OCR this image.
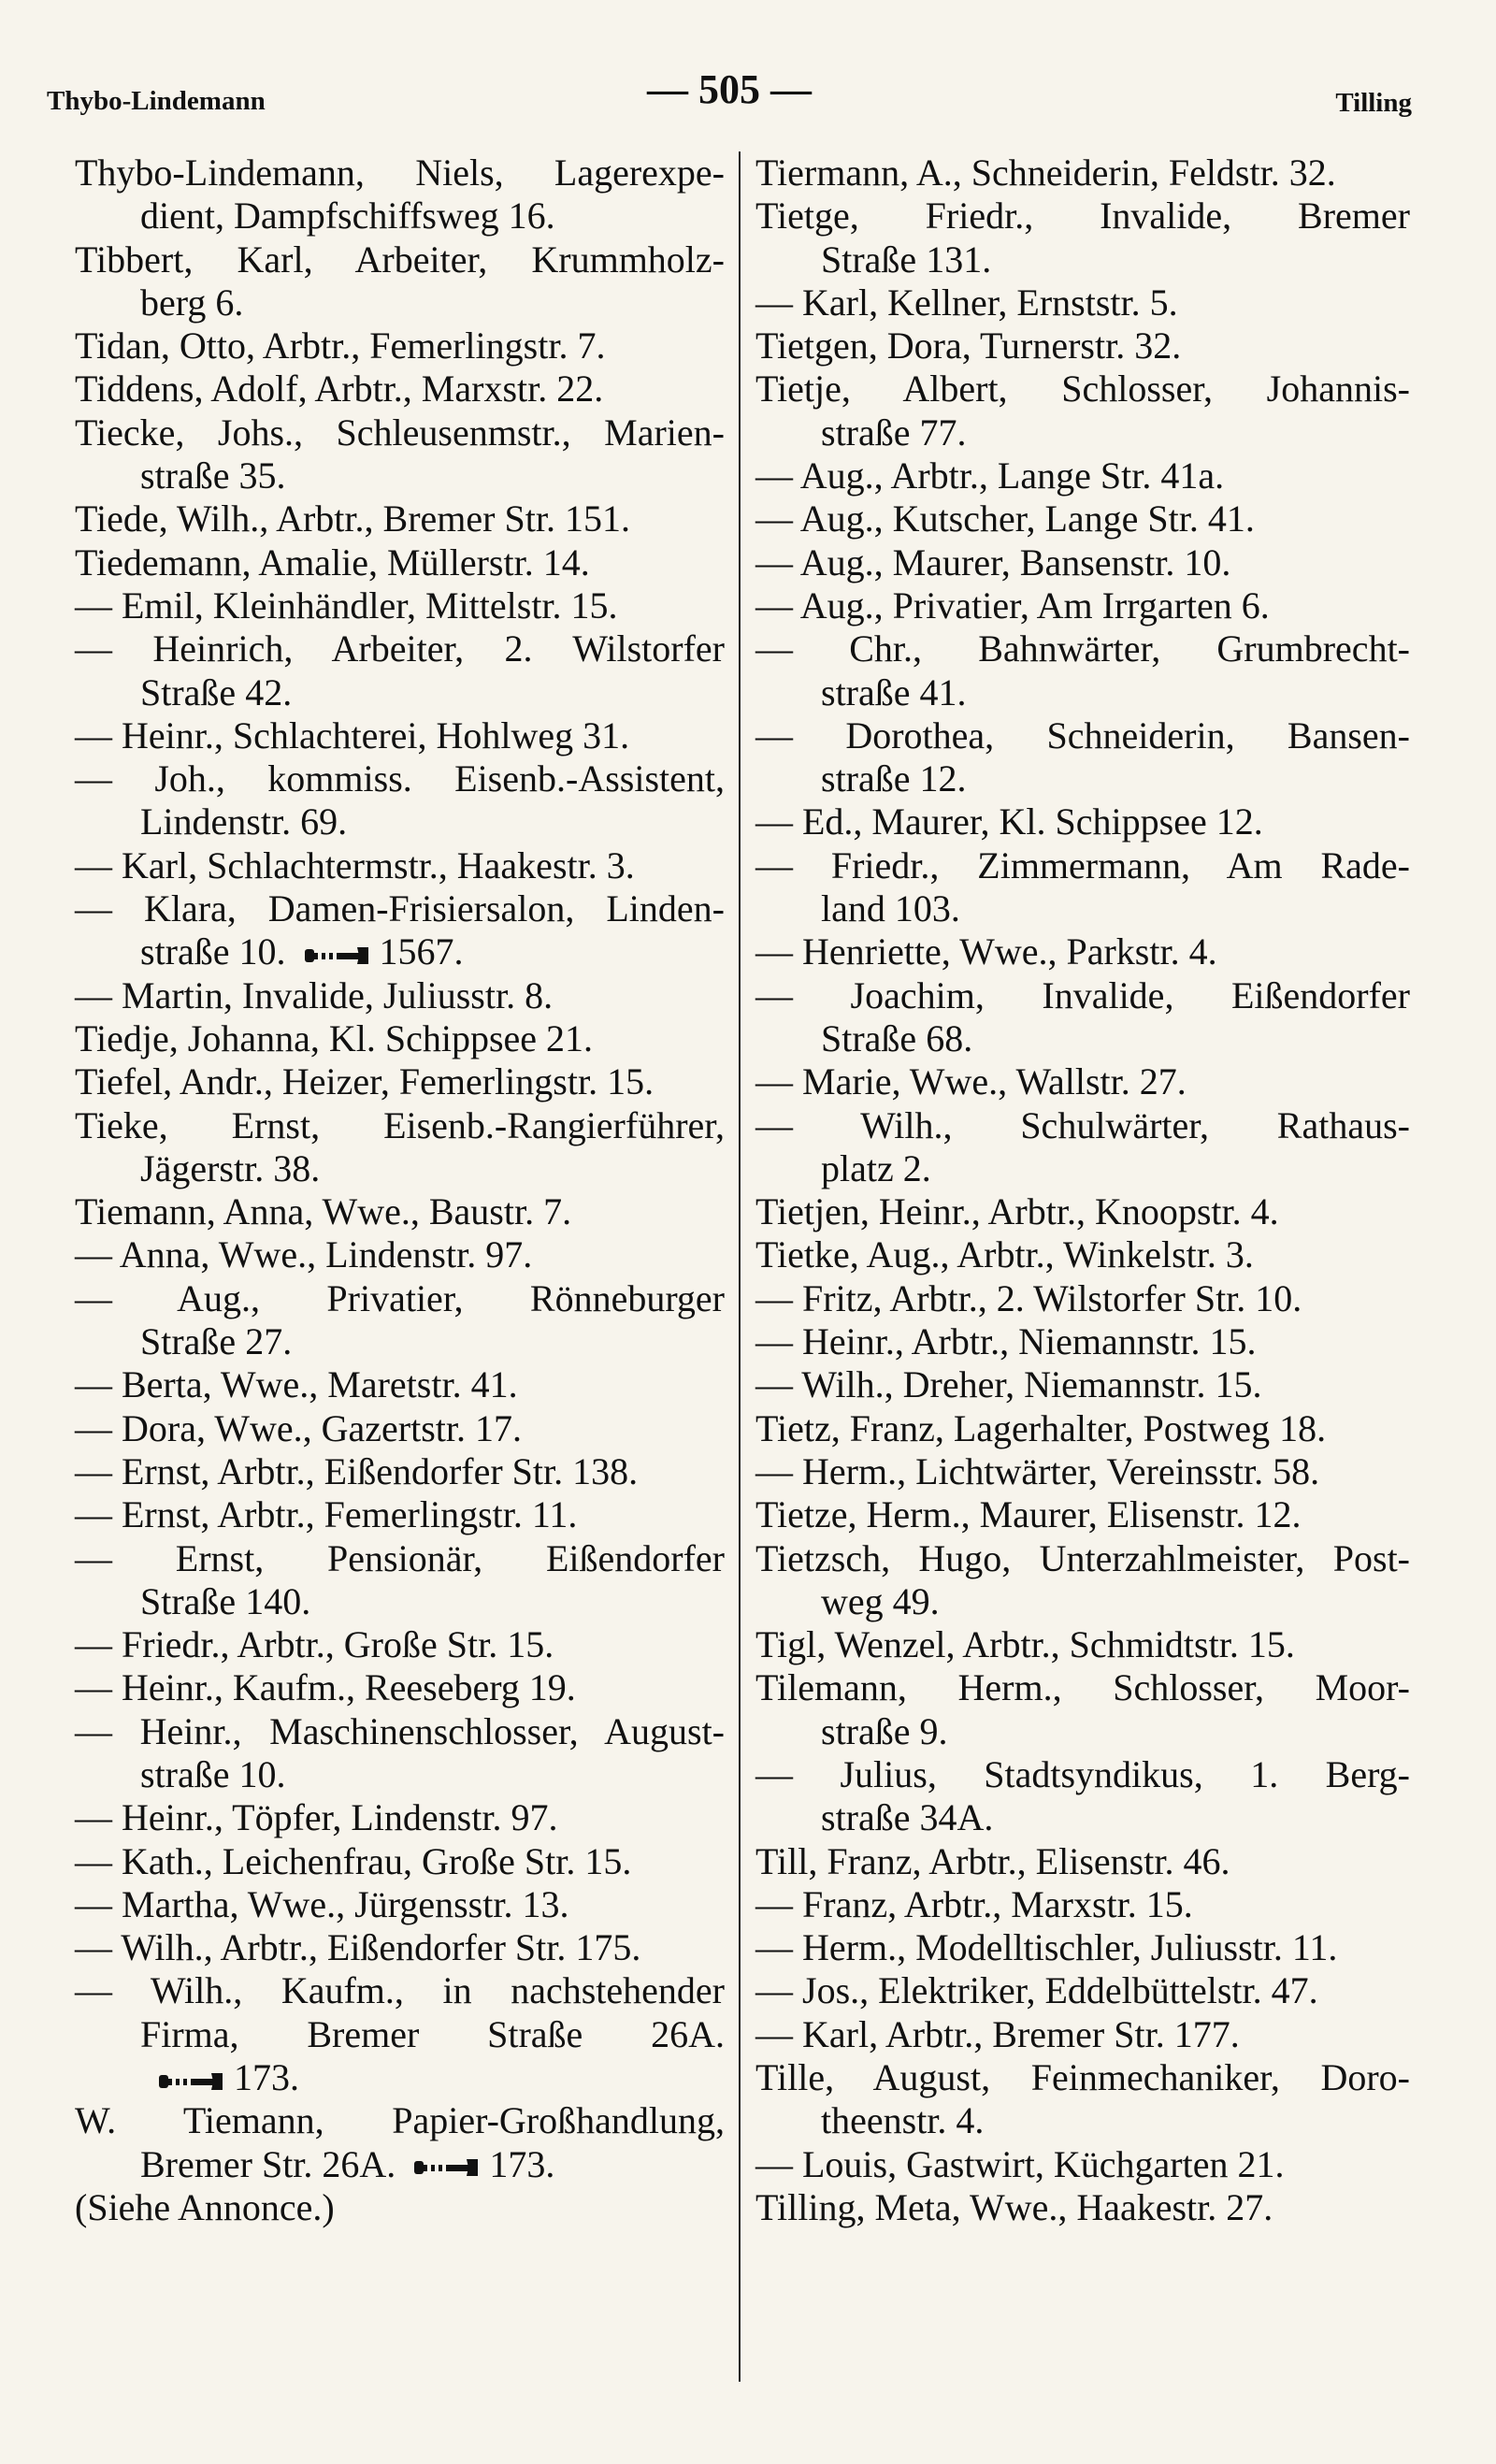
Thybo-Lindemann	— 505 —	Tilling
Thybo-Lindemann, Niels, Lagerexpe-
dient, Dampfschiffsweg 16.
Tibbert, Karl, Arbeiter, Krummholz-
berg 6.
Tidan, Otto, Arbtr., Femerlingstr. 7.
Tiddens, Adolf, Arbtr., Marxstr. 22.
Tiecke, Johs., Schleusenmstr., Marien-
straße 35.
Tiede, Wilh., Arbtr., Bremer Str. 151.
Tiedemann, Amalie, Müllerstr. 14.
— Emil, Kleinhändler, Mittelstr. 15.
— Heinrich, Arbeiter, 2. Wilstorfer
Straße 42.
— Heinr., Schlachterei, Hohlweg 31.
— Joh., kommiss. Eisenb.-Assistent,
Lindenstr. 69.
— Karl, Schlachtermstr., Haakestr. 3.
— Klara, Damen-Frisiersalon, Linden-
straße 10.	1567.
— Martin, Invalide, Juliusstr. 8.
Tiedje, Johanna, Kl. Schippsee 21.
Tiefel, Andr., Heizer, Femerlingstr. 15.
Tieke, Ernst, Eisenb.-Rangierführer,
Jägerstr. 38.
Tiemann, Anna, Wwe., Baustr. 7.
— Anna, Wwe., Lindenstr. 97.
— Aug., Privatier, Rönneburger
Straße 27.
— Berta, Wwe., Maretstr. 41.
— Dora, Wwe., Gazertstr. 17.
— Ernst, Arbtr., Eißendorfer Str. 138.
— Ernst, Arbtr., Femerlingstr. 11.
— Ernst, Pensionär, Eißendorfer
Straße 140.
— Friedr., Arbtr., Große Str. 15.
— Heinr., Kaufm., Reeseberg 19.
— Heinr., Maschinenschlosser, August-
straße 10.
— Heinr., Töpfer, Lindenstr. 97.
— Kath., Leichenfrau, Große Str. 15.
— Martha, Wwe., Jürgensstr. 13.
— Wilh., Arbtr., Eißendorfer Str. 175.
— Wilh., Kaufm., in nachstehender
Firma, Bremer Straße 26A.
173.
W. Tiemann, Papier-Großhandlung,
Bremer Str. 26A.	173.
(Siehe Annonce.)
Tiermann, A., Schneiderin, Feldstr. 32.
Tietge, Friedr., Invalide, Bremer
Straße 131.
— Karl, Kellner, Ernststr. 5.
Tietgen, Dora, Turnerstr. 32.
Tietje, Albert, Schlosser, Johannis-
straße 77.
— Aug., Arbtr., Lange Str. 41a.
— Aug., Kutscher, Lange Str. 41.
— Aug., Maurer, Bansenstr. 10.
— Aug., Privatier, Am Irrgarten 6.
— Chr., Bahnwärter, Grumbrecht-
straße 41.
— Dorothea, Schneiderin, Bansen-
straße 12.
— Ed., Maurer, Kl. Schippsee 12.
— Friedr., Zimmermann, Am Rade-
land 103.
— Henriette, Wwe., Parkstr. 4.
— Joachim, Invalide, Eißendorfer
Straße 68.
— Marie, Wwe., Wallstr. 27.
— Wilh., Schulwärter, Rathaus-
platz 2.
Tietjen, Heinr., Arbtr., Knoopstr. 4.
Tietke, Aug., Arbtr., Winkelstr. 3.
— Fritz, Arbtr., 2. Wilstorfer Str. 10.
— Heinr., Arbtr., Niemannstr. 15.
— Wilh., Dreher, Niemannstr. 15.
Tietz, Franz, Lagerhalter, Postweg 18.
— Herm., Lichtwärter, Vereinsstr. 58.
Tietze, Herm., Maurer, Elisenstr. 12.
Tietzsch, Hugo, Unterzahlmeister, Post-
weg 49.
Tigl, Wenzel, Arbtr., Schmidtstr. 15.
Tilemann, Herm., Schlosser, Moor-
straße 9.
— Julius, Stadtsyndikus, 1. Berg-
straße 34A.
Till, Franz, Arbtr., Elisenstr. 46.
— Franz, Arbtr., Marxstr. 15.
— Herm., Modelltischler, Juliusstr. 11.
— Jos., Elektriker, Eddelbüttelstr. 47.
— Karl, Arbtr., Bremer Str. 177.
Tille, August, Feinmechaniker, Doro-
theenstr. 4.
— Louis, Gastwirt, Küchgarten 21.
Tilling, Meta, Wwe., Haakestr. 27.
